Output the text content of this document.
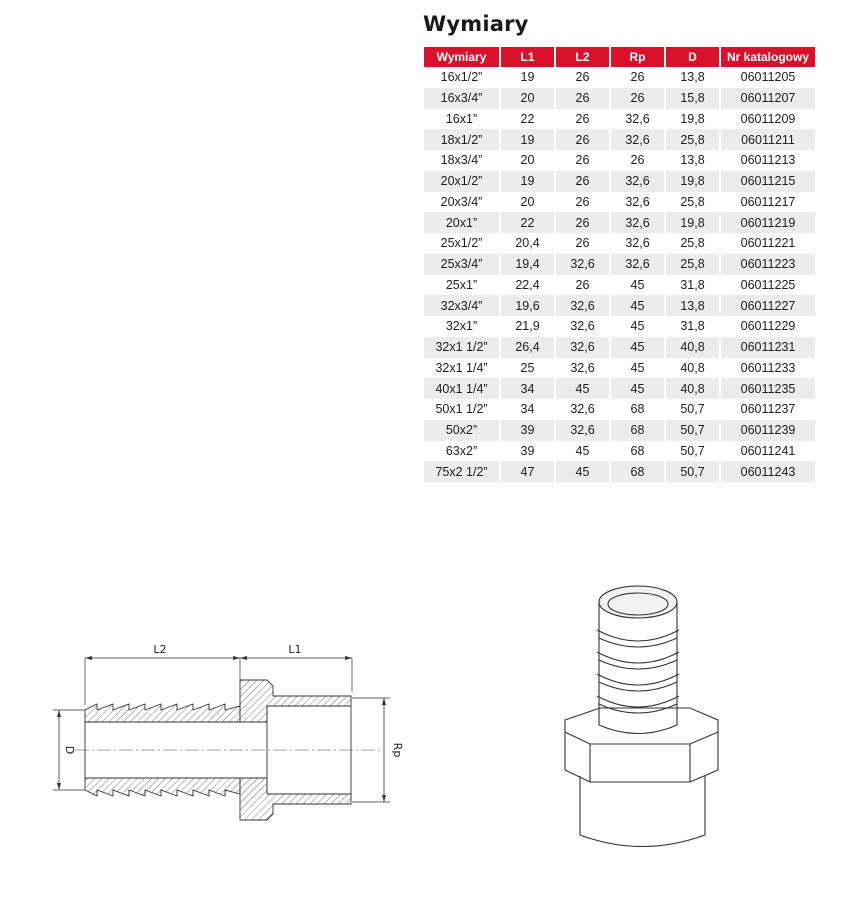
Wymiary
Wymiary	L1	L2	Rp	D	Nr katalogowy
16x1/2”	19	26	26	13,8	06011205
16x3/4”	20	26	26	15,8	06011207
16x1”	22	26	32,6	19,8	06011209
18x1/2”	19	26	32,6	25,8	06011211
18x3/4”	20	26	26	13,8	06011213
20x1/2”	19	26	32,6	19,8	06011215
20x3/4”	20	26	32,6	25,8	06011217
20x1”	22	26	32,6	19,8	06011219
25x1/2”	20,4	26	32,6	25,8	06011221
25x3/4”	19,4	32,6	32,6	25,8	06011223
25x1”	22,4	26	45	31,8	06011225
32x3/4”	19,6	32,6	45	13,8	06011227
32x1”	21,9	32,6	45	31,8	06011229
32x1 1/2”	26,4	32,6	45	40,8	06011231
32x1 1/4”	25	32,6	45	40,8	06011233
40x1 1/4”	34	45	45	40,8	06011235
50x1 1/2”	34	32,6	68	50,7	06011237
50x2”	39	32,6	68	50,7	06011239
63x2”	39	45	68	50,7	06011241
75x2 1/2”	47	45	68	50,7	06011243
L2	L1
D	Rp
